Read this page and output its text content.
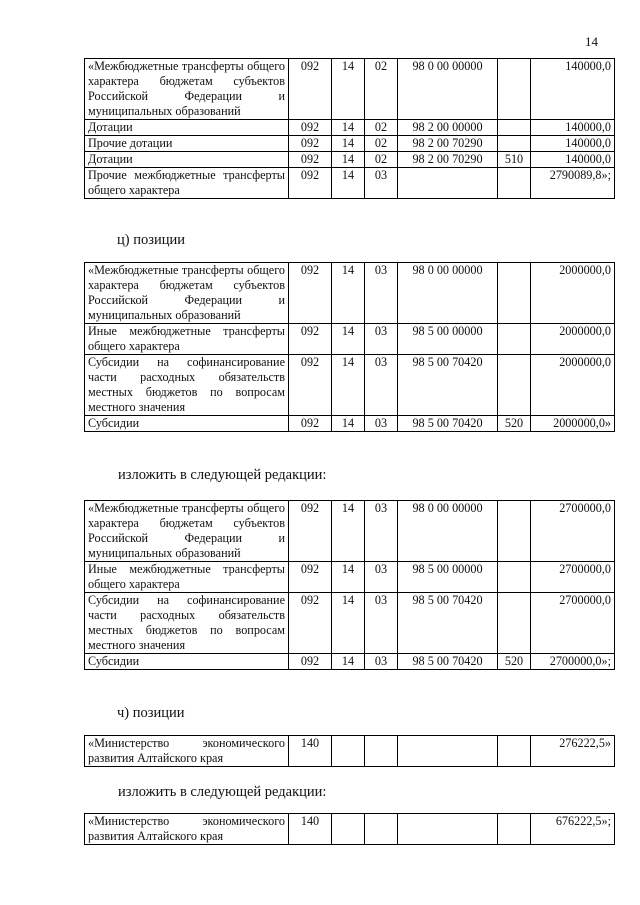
14
«Межбюджетные трансферты общего характера бюджетам субъектов Российской Федерации и муниципальных образований	092	14	02	98 0 00 00000		140000,0
Дотации	092	14	02	98 2 00 00000		140000,0
Прочие дотации	092	14	02	98 2 00 70290		140000,0
Дотации	092	14	02	98 2 00 70290	510	140000,0
Прочие межбюджетные трансферты общего характера	092	14	03			2790089,8»;
ц) позиции
«Межбюджетные трансферты общего характера бюджетам субъектов Российской Федерации и муниципальных образований	092	14	03	98 0 00 00000		2000000,0
Иные межбюджетные трансферты общего характера	092	14	03	98 5 00 00000		2000000,0
Субсидии на софинансирование части расходных обязательств местных бюджетов по вопросам местного значения	092	14	03	98 5 00 70420		2000000,0
Субсидии	092	14	03	98 5 00 70420	520	2000000,0»
изложить в следующей редакции:
«Межбюджетные трансферты общего характера бюджетам субъектов Российской Федерации и муниципальных образований	092	14	03	98 0 00 00000		2700000,0
Иные межбюджетные трансферты общего характера	092	14	03	98 5 00 00000		2700000,0
Субсидии на софинансирование части расходных обязательств местных бюджетов по вопросам местного значения	092	14	03	98 5 00 70420		2700000,0
Субсидии	092	14	03	98 5 00 70420	520	2700000,0»;
ч) позиции
«Министерство экономического развития Алтайского края	140					276222,5»
изложить в следующей редакции:
«Министерство экономического развития Алтайского края	140					676222,5»;
